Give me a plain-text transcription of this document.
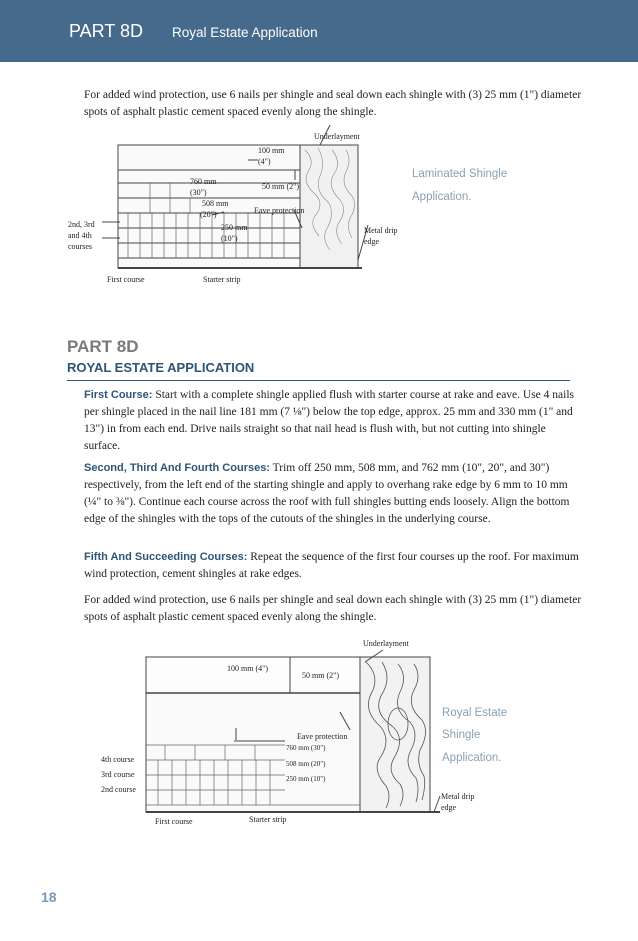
PART 8D Royal Estate Application
For added wind protection, use 6 nails per shingle and seal down each shingle with (3) 25 mm (1") diameter spots of asphalt plastic cement spaced evenly along the shingle.
Underlayment
100 mm
(4")
760 mm
(30")
50 mm (2")
508 mm
(20")	Eave protection
250 mm
(10")
2nd, 3rd
and 4th
courses
Metal drip
edge
First course	Starter strip
Laminated Shingle
Application.
PART 8D
ROYAL ESTATE APPLICATION
First Course: Start with a complete shingle applied flush with starter course at rake and eave. Use 4 nails per shingle placed in the nail line 181 mm (7 ⅛") below the top edge, approx. 25 mm and 330 mm (1" and 13") in from each end. Drive nails straight so that nail head is flush with, but not cutting into shingle surface.
Second, Third And Fourth Courses: Trim off 250 mm, 508 mm, and 762 mm (10", 20", and 30") respectively, from the left end of the starting shingle and apply to overhang rake edge by 6 mm to 10 mm (¼" to ⅜"). Continue each course across the roof with full shingles butting ends loosely. Align the bottom edge of the shingles with the tops of the cutouts of the shingles in the underlying course.
Fifth And Succeeding Courses: Repeat the sequence of the first four courses up the roof. For maximum wind protection, cement shingles at rake edges.
For added wind protection, use 6 nails per shingle and seal down each shingle with (3) 25 mm (1") diameter spots of asphalt plastic cement spaced evenly along the shingle.
Underlayment
100 mm (4")
50 mm (2")
Eave protection
760 mm (30")
508 mm (20")
250 mm (10")
4th course
3rd course
2nd course
Metal drip
edge
First course	Starter strip
Royal Estate
Shingle
Application.
18
